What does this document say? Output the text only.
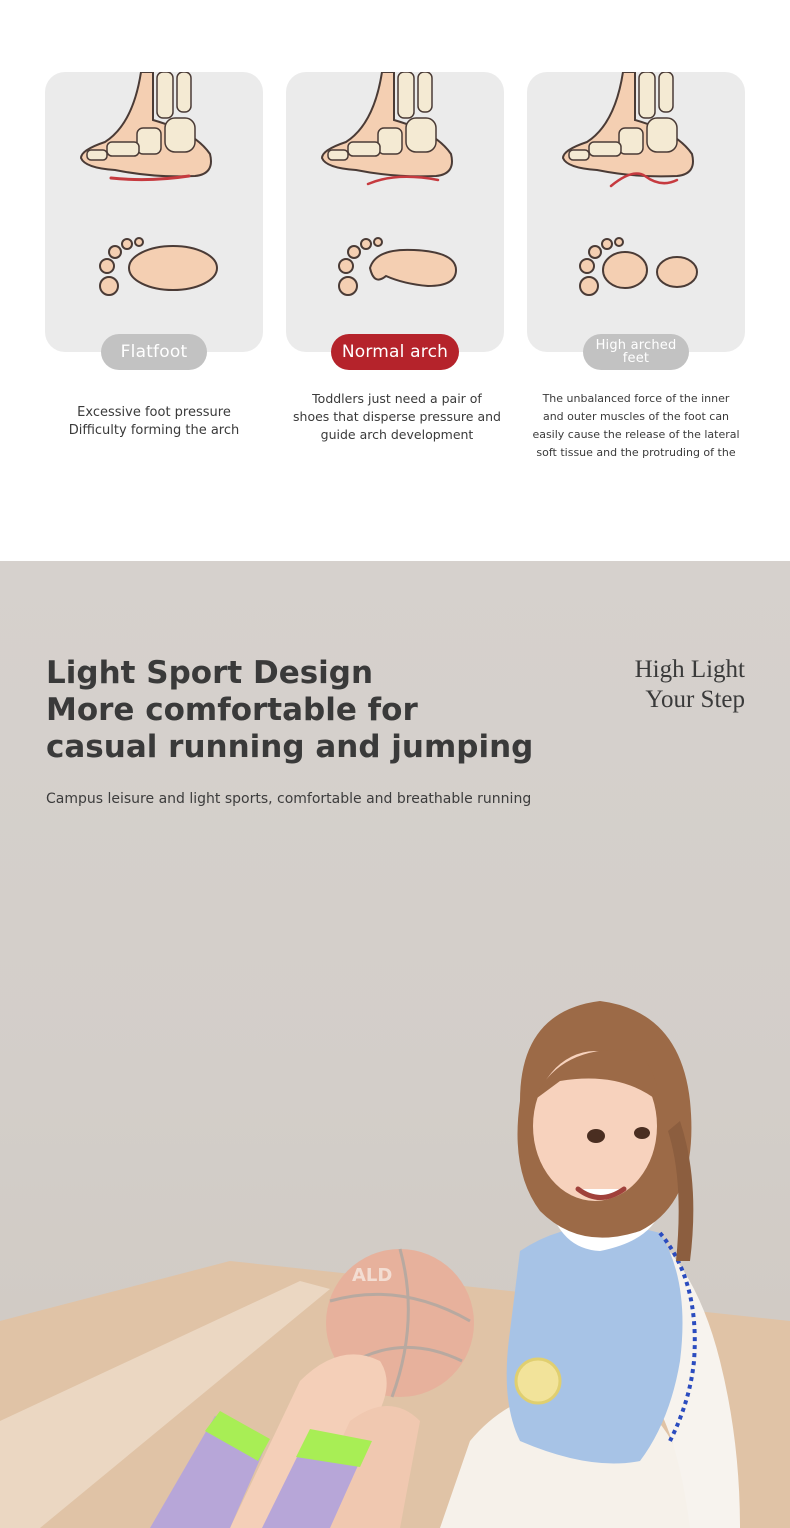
Flatfoot
Excessive foot pressure
Difficulty forming the arch
Normal arch
Toddlers just need a pair of
shoes that disperse pressure and
guide arch development
High arched
feet
The unbalanced force of the inner
and outer muscles of the foot can
easily cause the release of the lateral
soft tissue and the protruding of the
Light Sport Design
More comfortable for
casual running and jumping
Campus leisure and light sports, comfortable and breathable running
High Light
Your Step
ALD
